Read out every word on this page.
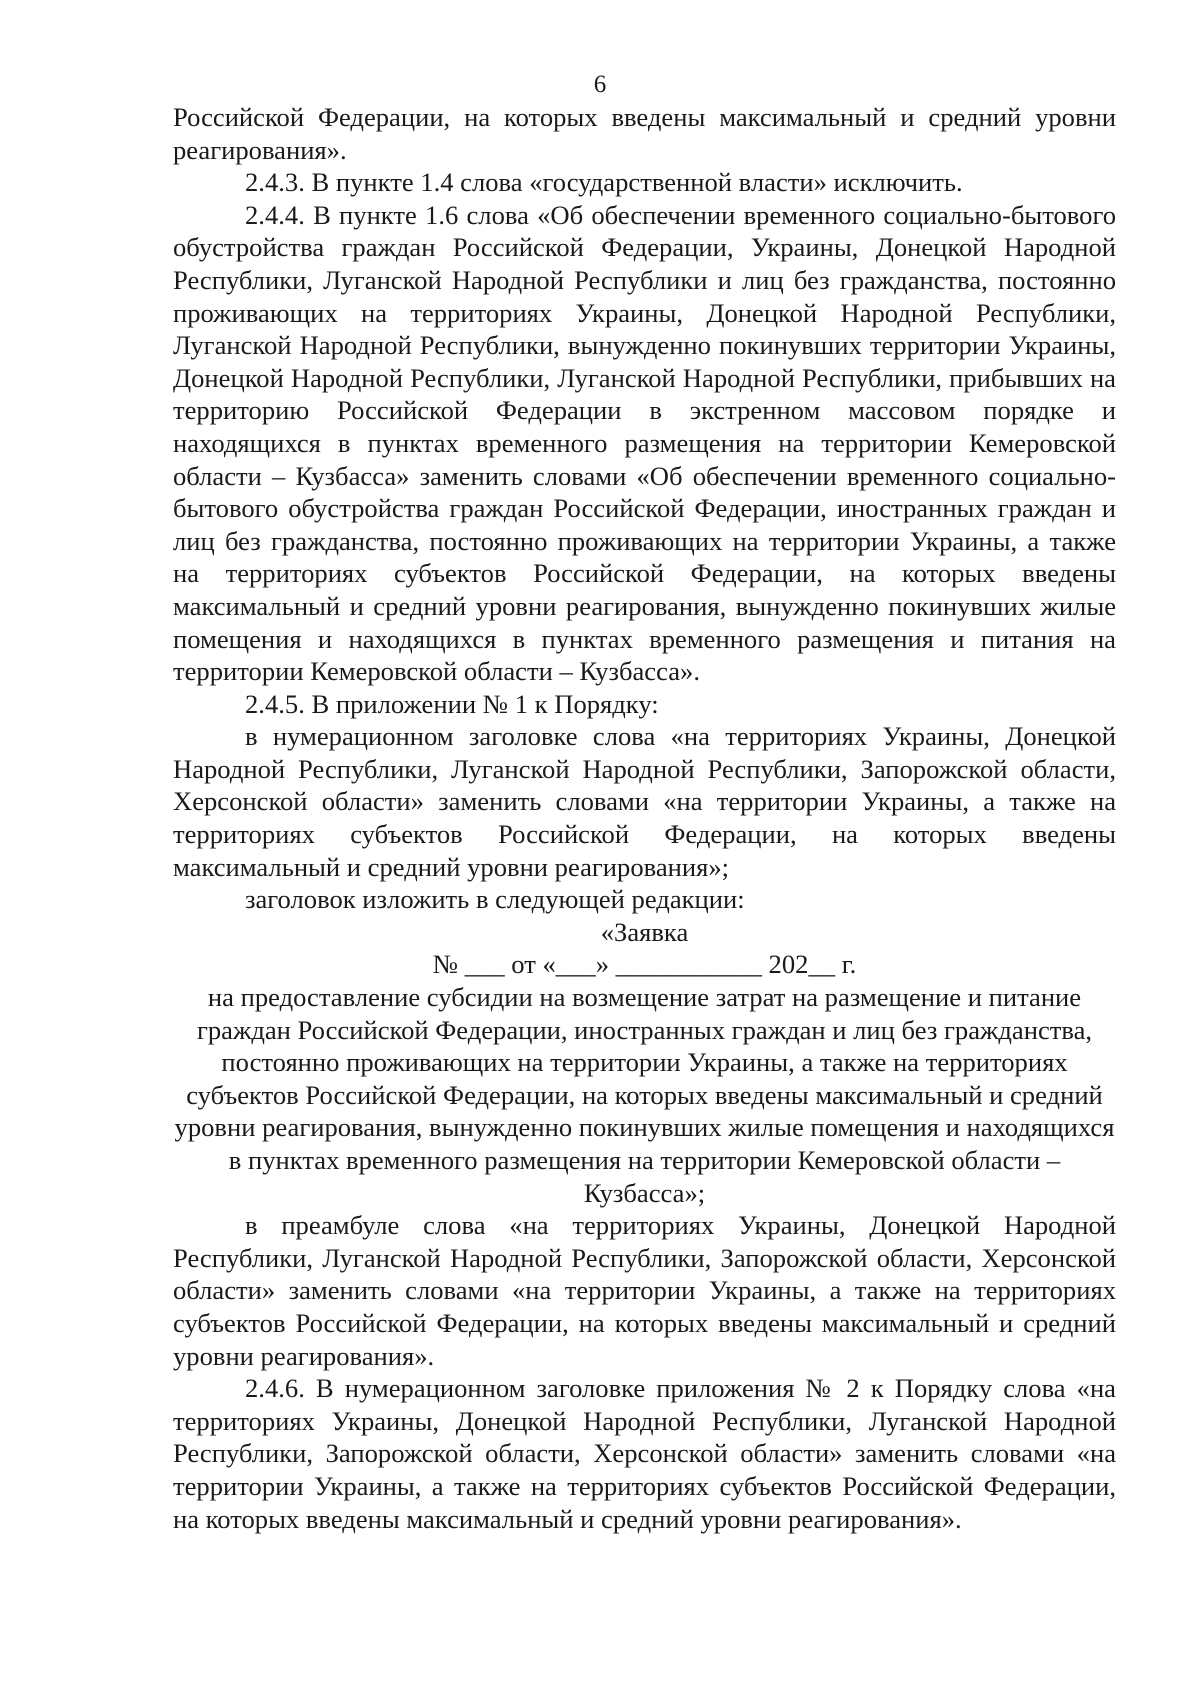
6

Российской Федерации, на которых введены максимальный и средний уровни реагирования».

2.4.3. В пункте 1.4 слова «государственной власти» исключить.

2.4.4. В пункте 1.6 слова «Об обеспечении временного социально-бытового обустройства граждан Российской Федерации, Украины, Донецкой Народной Республики, Луганской Народной Республики и лиц без гражданства, постоянно проживающих на территориях Украины, Донецкой Народной Республики, Луганской Народной Республики, вынужденно покинувших территории Украины, Донецкой Народной Республики, Луганской Народной Республики, прибывших на территорию Российской Федерации в экстренном массовом порядке и находящихся в пунктах временного размещения на территории Кемеровской области – Кузбасса» заменить словами «Об обеспечении временного социально-бытового обустройства граждан Российской Федерации, иностранных граждан и лиц без гражданства, постоянно проживающих на территории Украины, а также на территориях субъектов Российской Федерации, на которых введены максимальный и средний уровни реагирования, вынужденно покинувших жилые помещения и находящихся в пунктах временного размещения и питания на территории Кемеровской области – Кузбасса».

2.4.5. В приложении № 1 к Порядку:

в нумерационном заголовке слова «на территориях Украины, Донецкой Народной Республики, Луганской Народной Республики, Запорожской области, Херсонской области» заменить словами «на территории Украины, а также на территориях субъектов Российской Федерации, на которых введены максимальный и средний уровни реагирования»;

заголовок изложить в следующей редакции:

«Заявка

№ ___ от «___» ___________ 202__ г.

на предоставление субсидии на возмещение затрат на размещение и питание граждан Российской Федерации, иностранных граждан и лиц без гражданства, постоянно проживающих на территории Украины, а также на территориях субъектов Российской Федерации, на которых введены максимальный и средний уровни реагирования, вынужденно покинувших жилые помещения и находящихся в пунктах временного размещения на территории Кемеровской области – Кузбасса»;

в преамбуле слова «на территориях Украины, Донецкой Народной Республики, Луганской Народной Республики, Запорожской области, Херсонской области» заменить словами «на территории Украины, а также на территориях субъектов Российской Федерации, на которых введены максимальный и средний уровни реагирования».

2.4.6. В нумерационном заголовке приложения № 2 к Порядку слова «на территориях Украины, Донецкой Народной Республики, Луганской Народной Республики, Запорожской области, Херсонской области» заменить словами «на территории Украины, а также на территориях субъектов Российской Федерации, на которых введены максимальный и средний уровни реагирования».
